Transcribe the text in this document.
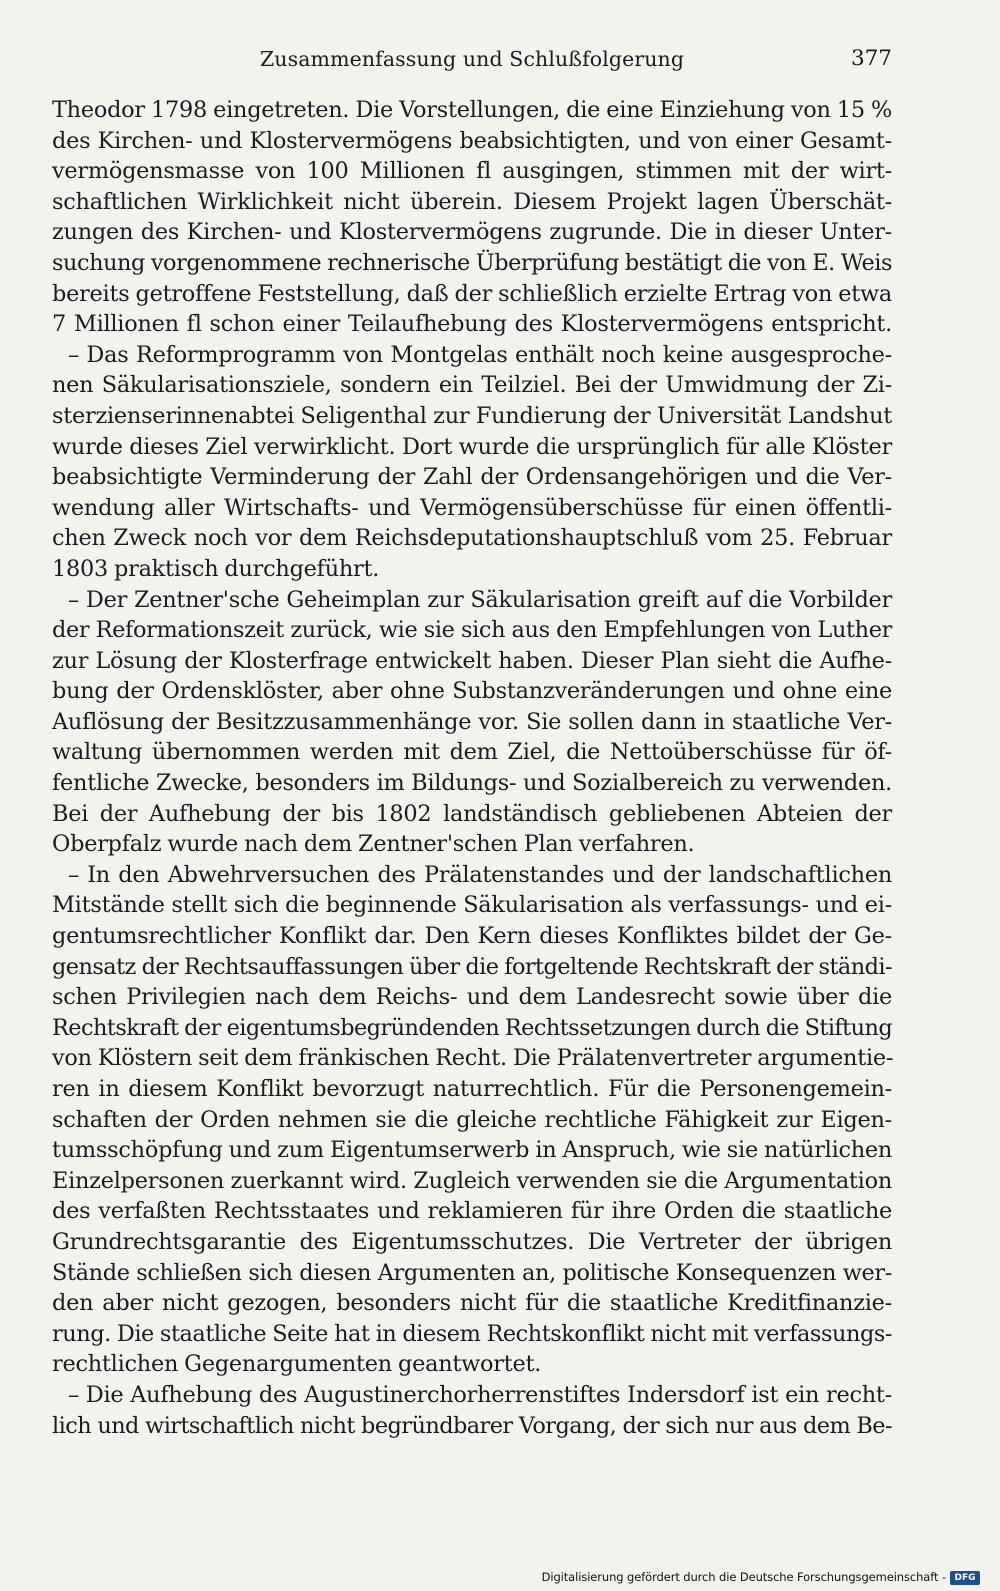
Zusammenfassung und Schlußfolgerung	377
Theodor 1798 eingetreten. Die Vorstellungen, die eine Einziehung von 15 %
des Kirchen- und Klostervermögens beabsichtigten, und von einer Gesamt-
vermögensmasse von 100 Millionen fl ausgingen, stimmen mit der wirt-
schaftlichen Wirklichkeit nicht überein. Diesem Projekt lagen Überschät-
zungen des Kirchen- und Klostervermögens zugrunde. Die in dieser Unter-
suchung vorgenommene rechnerische Überprüfung bestätigt die von E. Weis
bereits getroffene Feststellung, daß der schließlich erzielte Ertrag von etwa
7 Millionen fl schon einer Teilaufhebung des Klostervermögens entspricht.
– Das Reformprogramm von Montgelas enthält noch keine ausgesproche-
nen Säkularisationsziele, sondern ein Teilziel. Bei der Umwidmung der Zi-
sterzienserinnenabtei Seligenthal zur Fundierung der Universität Landshut
wurde dieses Ziel verwirklicht. Dort wurde die ursprünglich für alle Klöster
beabsichtigte Verminderung der Zahl der Ordensangehörigen und die Ver-
wendung aller Wirtschafts- und Vermögensüberschüsse für einen öffentli-
chen Zweck noch vor dem Reichsdeputationshauptschluß vom 25. Februar
1803 praktisch durchgeführt.
– Der Zentner'sche Geheimplan zur Säkularisation greift auf die Vorbilder
der Reformationszeit zurück, wie sie sich aus den Empfehlungen von Luther
zur Lösung der Klosterfrage entwickelt haben. Dieser Plan sieht die Aufhe-
bung der Ordensklöster, aber ohne Substanzveränderungen und ohne eine
Auflösung der Besitzzusammenhänge vor. Sie sollen dann in staatliche Ver-
waltung übernommen werden mit dem Ziel, die Nettoüberschüsse für öf-
fentliche Zwecke, besonders im Bildungs- und Sozialbereich zu verwenden.
Bei der Aufhebung der bis 1802 landständisch gebliebenen Abteien der
Oberpfalz wurde nach dem Zentner'schen Plan verfahren.
– In den Abwehrversuchen des Prälatenstandes und der landschaftlichen
Mitstände stellt sich die beginnende Säkularisation als verfassungs- und ei-
gentumsrechtlicher Konflikt dar. Den Kern dieses Konfliktes bildet der Ge-
gensatz der Rechtsauffassungen über die fortgeltende Rechtskraft der ständi-
schen Privilegien nach dem Reichs- und dem Landesrecht sowie über die
Rechtskraft der eigentumsbegründenden Rechtssetzungen durch die Stiftung
von Klöstern seit dem fränkischen Recht. Die Prälatenvertreter argumentie-
ren in diesem Konflikt bevorzugt naturrechtlich. Für die Personengemein-
schaften der Orden nehmen sie die gleiche rechtliche Fähigkeit zur Eigen-
tumsschöpfung und zum Eigentumserwerb in Anspruch, wie sie natürlichen
Einzelpersonen zuerkannt wird. Zugleich verwenden sie die Argumentation
des verfaßten Rechtsstaates und reklamieren für ihre Orden die staatliche
Grundrechtsgarantie des Eigentumsschutzes. Die Vertreter der übrigen
Stände schließen sich diesen Argumenten an, politische Konsequenzen wer-
den aber nicht gezogen, besonders nicht für die staatliche Kreditfinanzie-
rung. Die staatliche Seite hat in diesem Rechtskonflikt nicht mit verfassungs-
rechtlichen Gegenargumenten geantwortet.
– Die Aufhebung des Augustinerchorherrenstiftes Indersdorf ist ein recht-
lich und wirtschaftlich nicht begründbarer Vorgang, der sich nur aus dem Be-
Digitalisierung gefördert durch die Deutsche Forschungsgemeinschaft - DFG
